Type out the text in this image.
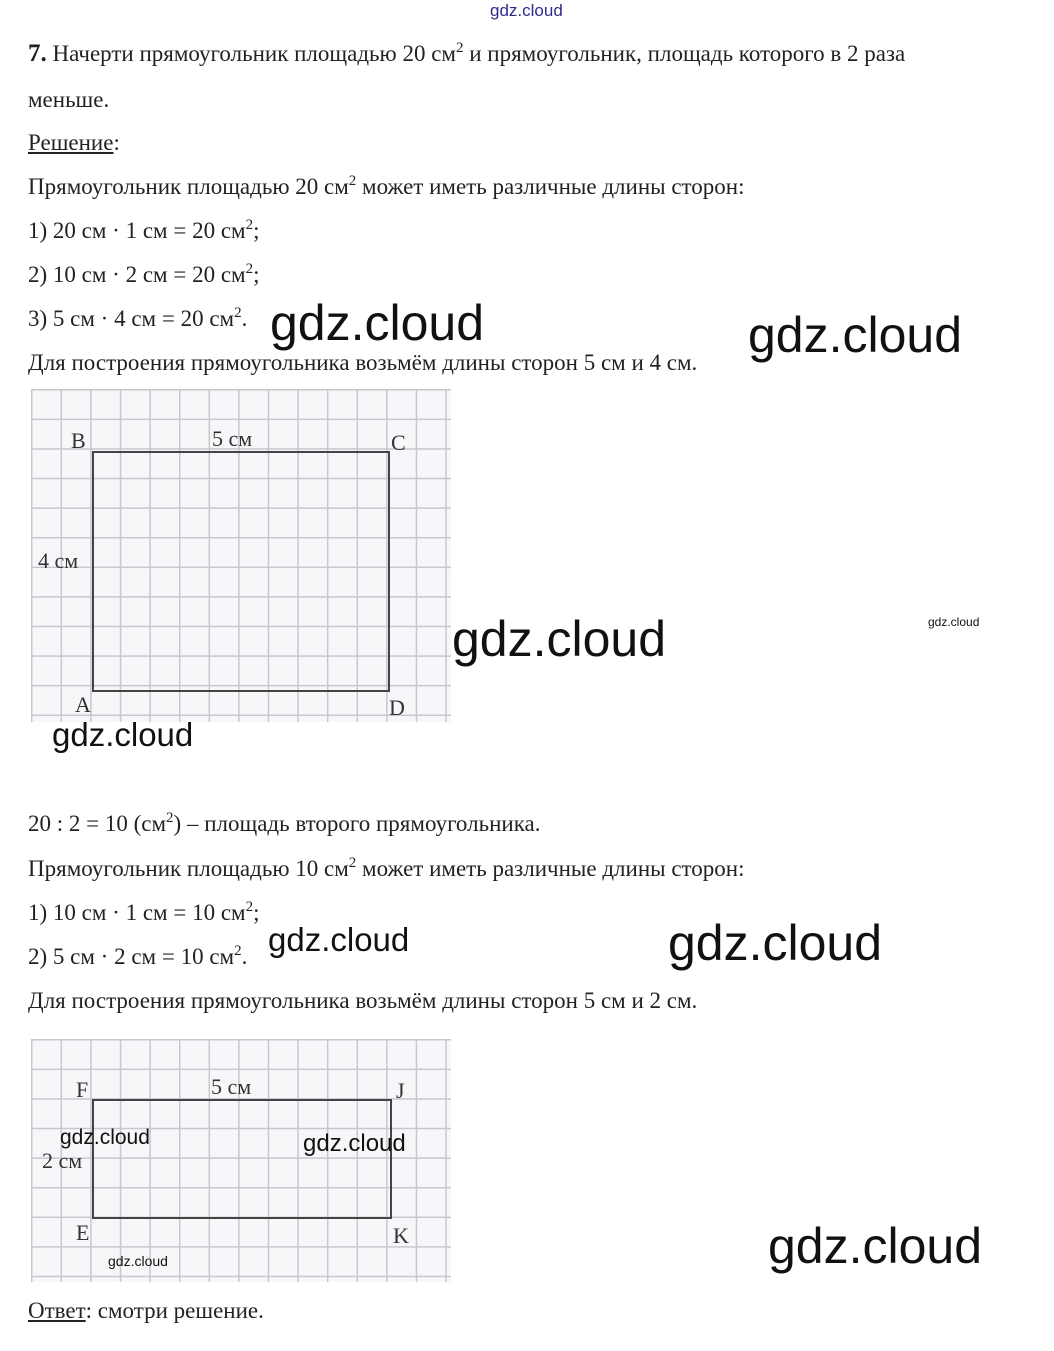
gdz.cloud
7. Начерти прямоугольник площадью 20 $см^2$ и прямоугольник, площадь которого в 2 раза
меньше.
Решение:
Прямоугольник площадью 20 $см^2$ может иметь различные длины сторон:
1) 20 см · 1 см = 20 $см^2$;
2) 10 см · 2 см = 20 $см^2$;
3) 5 см · 4 см = 20 $см^2$.
Для построения прямоугольника возьмём длины сторон 5 см и 4 см.
gdz.cloud	gdz.cloud
B	C
A	D
5 см
4 см
gdz.cloud	gdz.cloud
gdz.cloud
20 : 2 = 10 $(см^2)$ – площадь второго прямоугольника.
Прямоугольник площадью 10 $см^2$ может иметь различные длины сторон:
1) 10 см · 1 см = 10 $см^2$;
2) 5 см · 2 см = 10 $см^2$.
Для построения прямоугольника возьмём длины сторон 5 см и 2 см.
gdz.cloud	gdz.cloud
F	J
E	K
5 см
2 см
gdz.cloud	gdz.cloud
gdz.cloud	gdz.cloud
Ответ: смотри решение.
